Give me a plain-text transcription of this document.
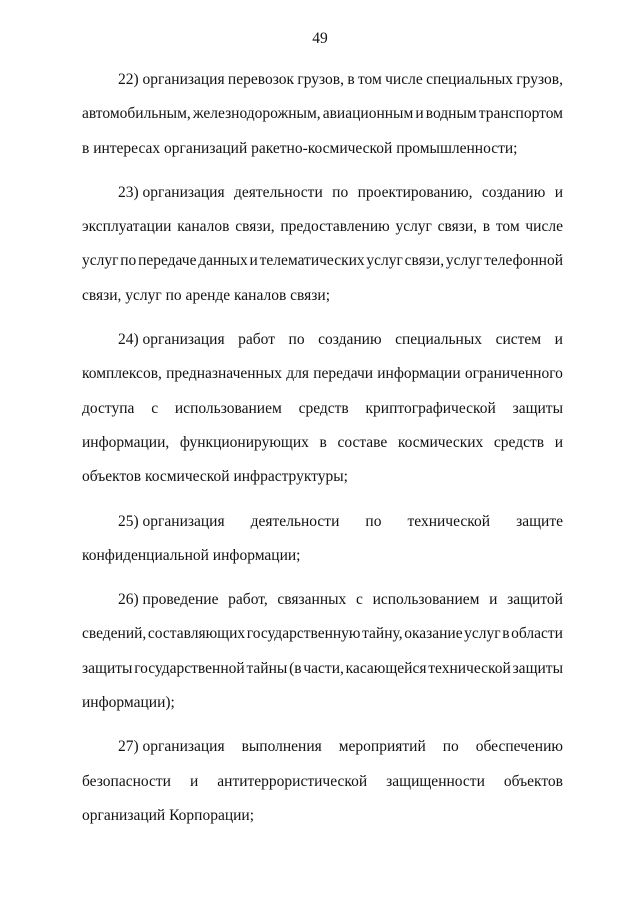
49
22) организация перевозок грузов, в том числе специальных грузов,
автомобильным, железнодорожным, авиационным и водным транспортом
в интересах организаций ракетно-космической промышленности;
23) организация деятельности по проектированию, созданию и
эксплуатации каналов связи, предоставлению услуг связи, в том числе
услуг по передаче данных и телематических услуг связи, услуг телефонной
связи, услуг по аренде каналов связи;
24) организация работ по созданию специальных систем и
комплексов, предназначенных для передачи информации ограниченного
доступа с использованием средств криптографической защиты
информации, функционирующих в составе космических средств и
объектов космической инфраструктуры;
25) организация деятельности по технической защите
конфиденциальной информации;
26) проведение работ, связанных с использованием и защитой
сведений, составляющих государственную тайну, оказание услуг в области
защиты государственной тайны (в части, касающейся технической защиты
информации);
27) организация выполнения мероприятий по обеспечению
безопасности и антитеррористической защищенности объектов
организаций Корпорации;
